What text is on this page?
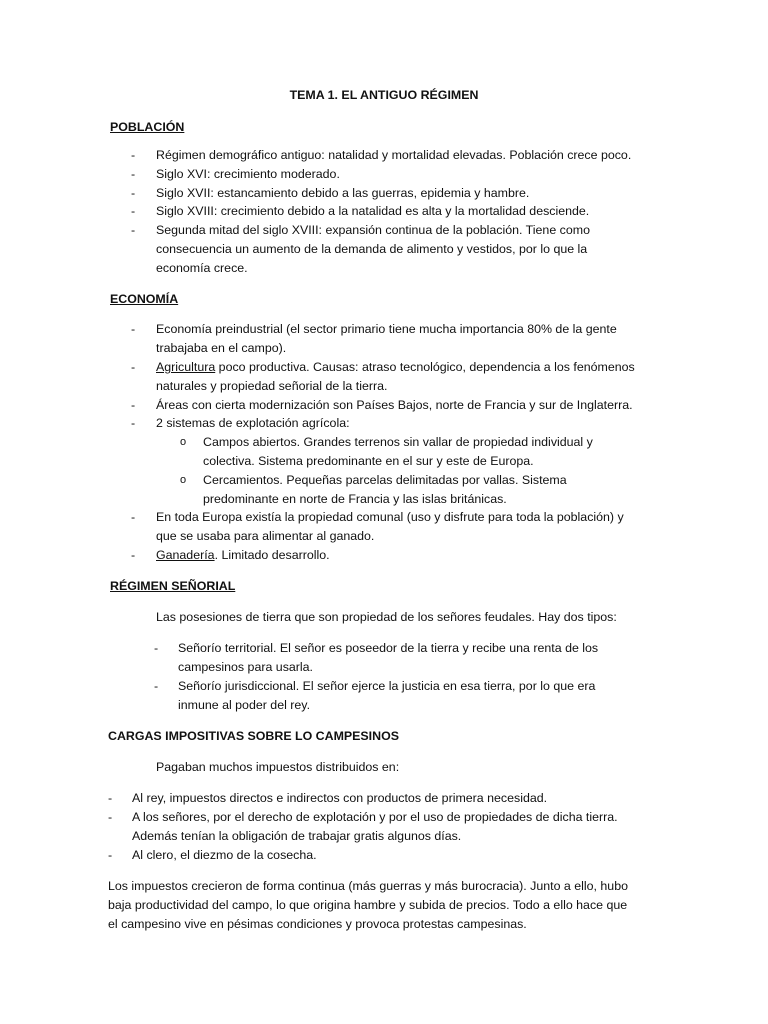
TEMA 1. EL ANTIGUO RÉGIMEN
POBLACIÓN
- Régimen demográfico antiguo: natalidad y mortalidad elevadas. Población crece poco.
- Siglo XVI: crecimiento moderado.
- Siglo XVII: estancamiento debido a las guerras, epidemia y hambre.
- Siglo XVIII: crecimiento debido a la natalidad es alta y la mortalidad desciende.
- Segunda mitad del siglo XVIII: expansión continua de la población. Tiene como
consecuencia un aumento de la demanda de alimento y vestidos, por lo que la
economía crece.
ECONOMÍA
- Economía preindustrial (el sector primario tiene mucha importancia 80% de la gente
trabajaba en el campo).
- Agricultura poco productiva. Causas: atraso tecnológico, dependencia a los fenómenos
naturales y propiedad señorial de la tierra.
- Áreas con cierta modernización son Países Bajos, norte de Francia y sur de Inglaterra.
- 2 sistemas de explotación agrícola:
o Campos abiertos. Grandes terrenos sin vallar de propiedad individual y
colectiva. Sistema predominante en el sur y este de Europa.
o Cercamientos. Pequeñas parcelas delimitadas por vallas. Sistema
predominante en norte de Francia y las islas británicas.
- En toda Europa existía la propiedad comunal (uso y disfrute para toda la población) y
que se usaba para alimentar al ganado.
- Ganadería. Limitado desarrollo.
RÉGIMEN SEÑORIAL
Las posesiones de tierra que son propiedad de los señores feudales. Hay dos tipos:
- Señorío territorial. El señor es poseedor de la tierra y recibe una renta de los
campesinos para usarla.
- Señorío jurisdiccional. El señor ejerce la justicia en esa tierra, por lo que era
inmune al poder del rey.
CARGAS IMPOSITIVAS SOBRE LO CAMPESINOS
Pagaban muchos impuestos distribuidos en:
- Al rey, impuestos directos e indirectos con productos de primera necesidad.
- A los señores, por el derecho de explotación y por el uso de propiedades de dicha tierra.
Además tenían la obligación de trabajar gratis algunos días.
- Al clero, el diezmo de la cosecha.
Los impuestos crecieron de forma continua (más guerras y más burocracia). Junto a ello, hubo
baja productividad del campo, lo que origina hambre y subida de precios. Todo a ello hace que
el campesino vive en pésimas condiciones y provoca protestas campesinas.
